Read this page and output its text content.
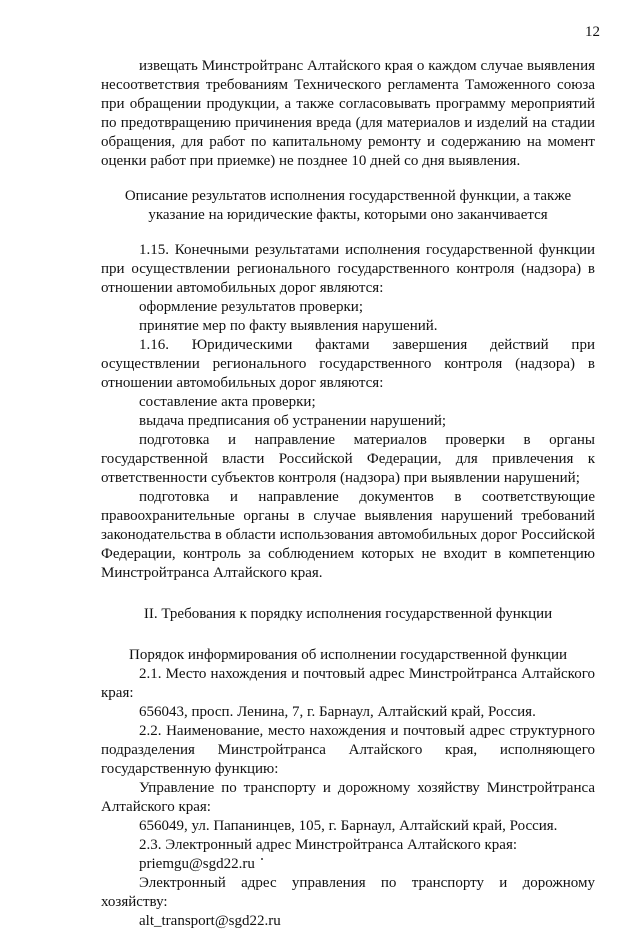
12

извещать Минстройтранс Алтайского края о каждом случае выявления несоответствия требованиям Технического регламента Таможенного союза при обращении продукции, а также согласовывать программу мероприятий по предотвращению причинения вреда (для материалов и изделий на стадии обращения, для работ по капитальному ремонту и содержанию на момент оценки работ при приемке) не позднее 10 дней со дня выявления.

Описание результатов исполнения государственной функции, а также указание на юридические факты, которыми оно заканчивается

1.15. Конечными результатами исполнения государственной функции при осуществлении регионального государственного контроля (надзора) в отношении автомобильных дорог являются:

оформление результатов проверки;

принятие мер по факту выявления нарушений.

1.16. Юридическими фактами завершения действий при осуществлении регионального государственного контроля (надзора) в отношении автомобильных дорог являются:

составление акта проверки;

выдача предписания об устранении нарушений;

подготовка и направление материалов проверки в органы государственной власти Российской Федерации, для привлечения к ответственности субъектов контроля (надзора) при выявлении нарушений;

подготовка и направление документов в соответствующие правоохранительные органы в случае выявления нарушений требований законодательства в области использования автомобильных дорог Российской Федерации, контроль за соблюдением которых не входит в компетенцию Минстройтранса Алтайского края.

II. Требования к порядку исполнения государственной функции

Порядок информирования об исполнении государственной функции

2.1. Место нахождения и почтовый адрес Минстройтранса Алтайского края:

656043, просп. Ленина, 7, г. Барнаул, Алтайский край, Россия.

2.2. Наименование, место нахождения и почтовый адрес структурного подразделения Минстройтранса Алтайского края, исполняющего государственную функцию:

Управление по транспорту и дорожному хозяйству Минстройтранса Алтайского края:

656049, ул. Папанинцев, 105, г. Барнаул, Алтайский край, Россия.

2.3. Электронный адрес Минстройтранса Алтайского края:

priemgu@sgd22.ru

Электронный адрес управления по транспорту и дорожному хозяйству:

alt_transport@sgd22.ru
